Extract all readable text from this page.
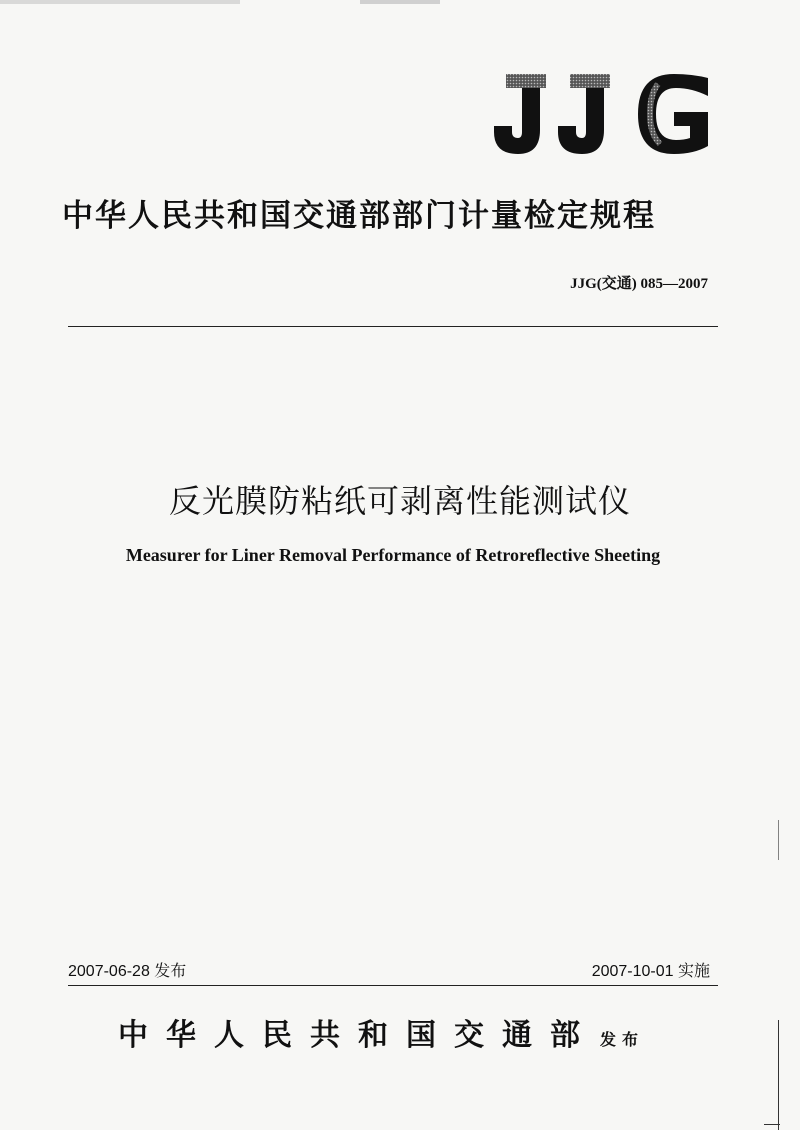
中华人民共和国交通部部门计量检定规程
JJG(交通) 085—2007
反光膜防粘纸可剥离性能测试仪
Measurer for Liner Removal Performance of Retroreflective Sheeting
2007-06-28 发布	2007-10-01 实施
中华人民共和国交通部 发布
